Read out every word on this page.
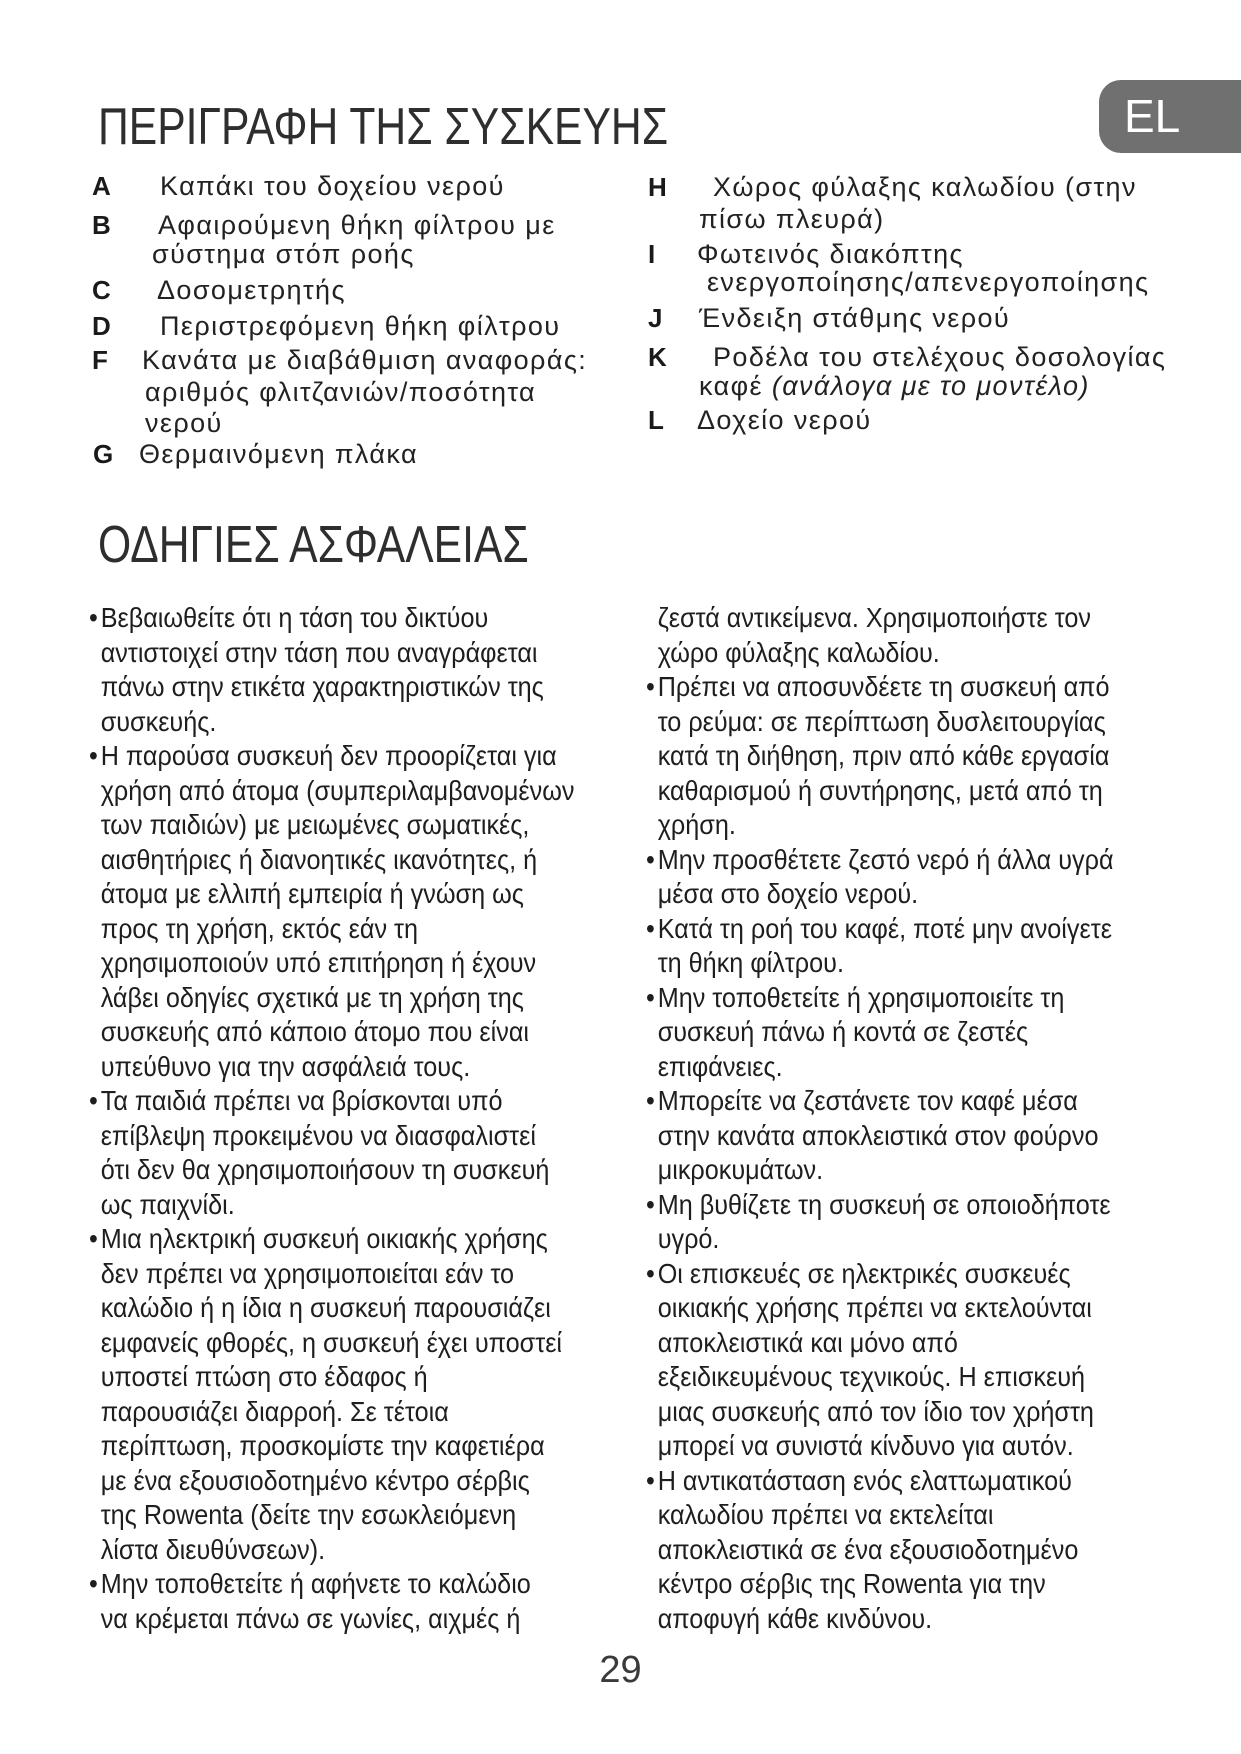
ΠΕΡΙΓΡΑΦΗ ΤΗΣ ΣΥΣΚΕΥΗΣ	EL
A Καπάκι του δοχείου νερού
B Αφαιρούμενη θήκη φίλτρου με
σύστημα στόπ ροής
C Δοσομετρητής
D Περιστρεφόμενη θήκη φίλτρου
F Κανάτα με διαβάθμιση αναφοράς:
αριθμός φλιτζανιών/ποσότητα
νερού
G Θερμαινόμενη πλάκα
H Χώρος φύλαξης καλωδίου (στην
πίσω πλευρά)
I Φωτεινός διακόπτης
ενεργοποίησης/απενεργοποίησης
J Ένδειξη στάθμης νερού
K Ροδέλα του στελέχους δοσολογίας
καφέ (ανάλογα με το μοντέλο)
L Δοχείο νερού
ΟΔΗΓΙΕΣ ΑΣΦΑΛΕΙΑΣ
• Βεβαιωθείτε ότι η τάση του δικτύου
αντιστοιχεί στην τάση που αναγράφεται
πάνω στην ετικέτα χαρακτηριστικών της
συσκευής.
• Η παρούσα συσκευή δεν προορίζεται για
χρήση από άτομα (συμπεριλαμβανομένων
των παιδιών) με μειωμένες σωματικές,
αισθητήριες ή διανοητικές ικανότητες, ή
άτομα με ελλιπή εμπειρία ή γνώση ως
προς τη χρήση, εκτός εάν τη
χρησιμοποιούν υπό επιτήρηση ή έχουν
λάβει οδηγίες σχετικά με τη χρήση της
συσκευής από κάποιο άτομο που είναι
υπεύθυνο για την ασφάλειά τους.
• Τα παιδιά πρέπει να βρίσκονται υπό
επίβλεψη προκειμένου να διασφαλιστεί
ότι δεν θα χρησιμοποιήσουν τη συσκευή
ως παιχνίδι.
• Μια ηλεκτρική συσκευή οικιακής χρήσης
δεν πρέπει να χρησιμοποιείται εάν το
καλώδιο ή η ίδια η συσκευή παρουσιάζει
εμφανείς φθορές, η συσκευή έχει υποστεί
υποστεί πτώση στο έδαφος ή
παρουσιάζει διαρροή. Σε τέτοια
περίπτωση, προσκομίστε την καφετιέρα
με ένα εξουσιοδοτημένο κέντρο σέρβις
της Rowenta (δείτε την εσωκλειόμενη
λίστα διευθύνσεων).
• Μην τοποθετείτε ή αφήνετε το καλώδιο
να κρέμεται πάνω σε γωνίες, αιχμές ή
ζεστά αντικείμενα. Χρησιμοποιήστε τον
χώρο φύλαξης καλωδίου.
• Πρέπει να αποσυνδέετε τη συσκευή από
το ρεύμα: σε περίπτωση δυσλειτουργίας
κατά τη διήθηση, πριν από κάθε εργασία
καθαρισμού ή συντήρησης, μετά από τη
χρήση.
• Μην προσθέτετε ζεστό νερό ή άλλα υγρά
μέσα στο δοχείο νερού.
• Κατά τη ροή του καφέ, ποτέ μην ανοίγετε
τη θήκη φίλτρου.
• Μην τοποθετείτε ή χρησιμοποιείτε τη
συσκευή πάνω ή κοντά σε ζεστές
επιφάνειες.
• Μπορείτε να ζεστάνετε τον καφέ μέσα
στην κανάτα αποκλειστικά στον φούρνο
μικροκυμάτων.
• Μη βυθίζετε τη συσκευή σε οποιοδήποτε
υγρό.
• Οι επισκευές σε ηλεκτρικές συσκευές
οικιακής χρήσης πρέπει να εκτελούνται
αποκλειστικά και μόνο από
εξειδικευμένους τεχνικούς. Η επισκευή
μιας συσκευής από τον ίδιο τον χρήστη
μπορεί να συνιστά κίνδυνο για αυτόν.
• Η αντικατάσταση ενός ελαττωματικού
καλωδίου πρέπει να εκτελείται
αποκλειστικά σε ένα εξουσιοδοτημένο
κέντρο σέρβις της Rowenta για την
αποφυγή κάθε κινδύνου.
29
